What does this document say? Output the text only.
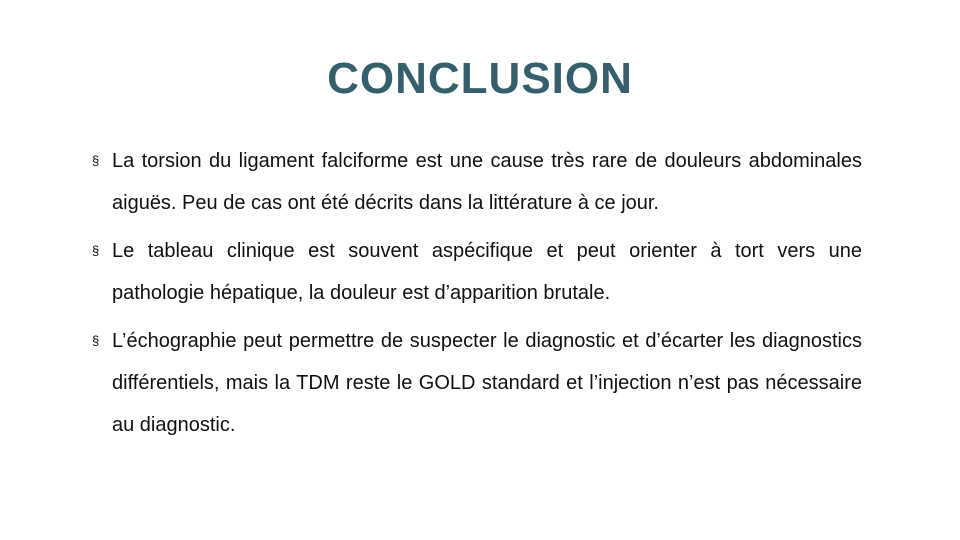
CONCLUSION
§ La torsion du ligament falciforme est une cause très rare de douleurs abdominales aiguës. Peu de cas ont été décrits dans la littérature à ce jour.
§ Le tableau clinique est souvent aspécifique et peut orienter à tort vers une pathologie hépatique, la douleur est d’apparition brutale.
§ L’échographie peut permettre de suspecter le diagnostic et d’écarter les diagnostics différentiels, mais la TDM reste le GOLD standard et l’injection n’est pas nécessaire au diagnostic.
